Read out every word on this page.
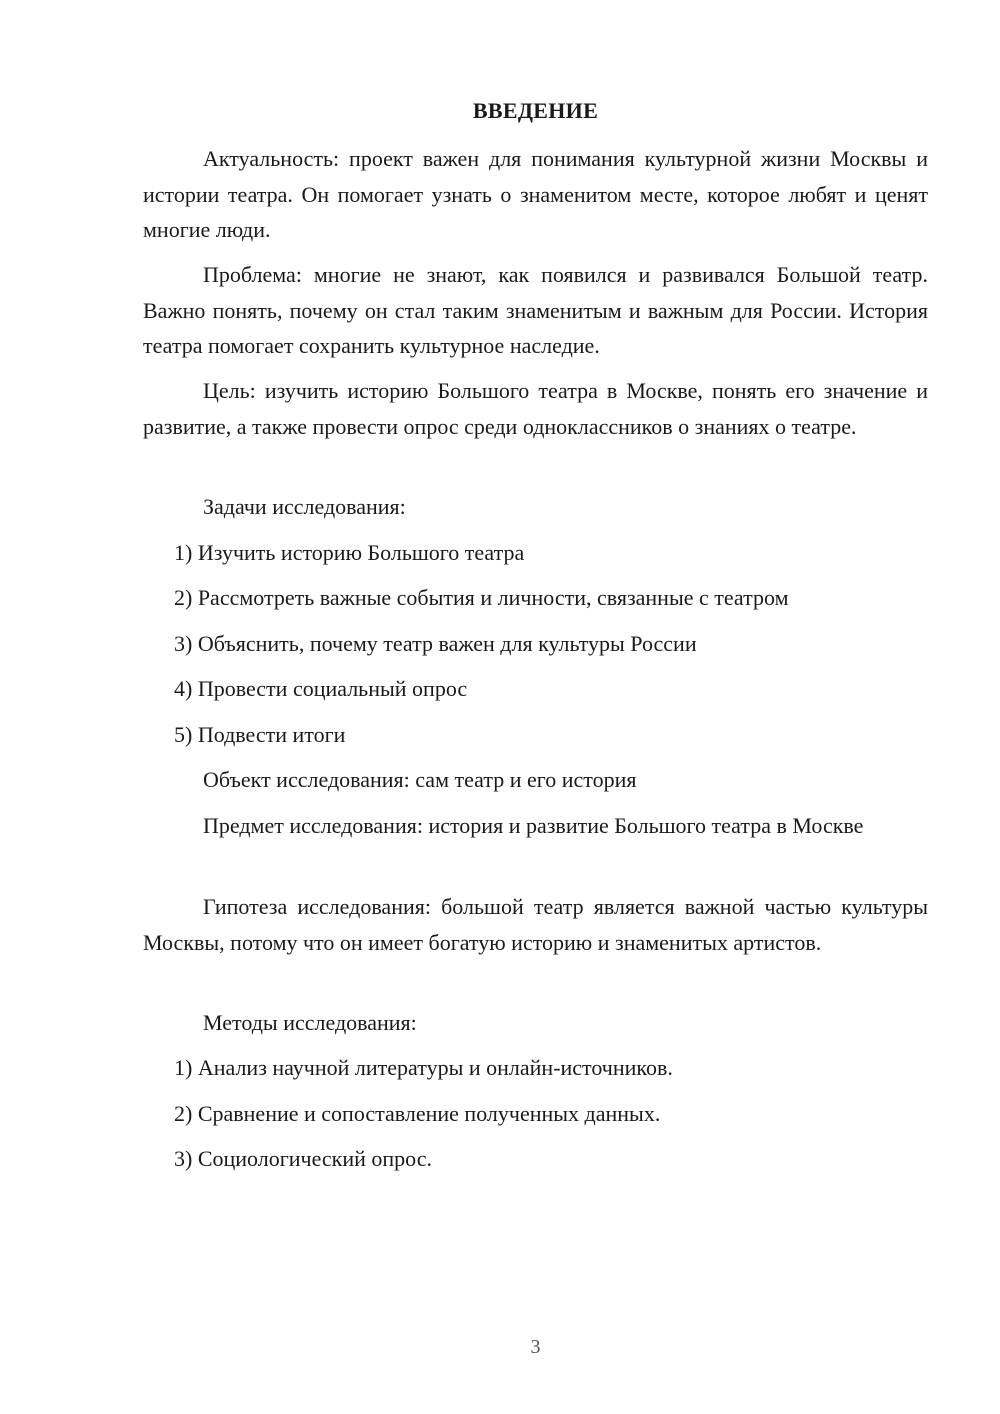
ВВЕДЕНИЕ
Актуальность: проект важен для понимания культурной жизни Москвы и истории театра. Он помогает узнать о знаменитом месте, которое любят и ценят многие люди.
Проблема: многие не знают, как появился и развивался Большой театр. Важно понять, почему он стал таким знаменитым и важным для России. История театра помогает сохранить культурное наследие.
Цель: изучить историю Большого театра в Москве, понять его значение и развитие, а также провести опрос среди одноклассников о знаниях о театре.
Задачи исследования:
1) Изучить историю Большого театра
2) Рассмотреть важные события и личности, связанные с театром
3) Объяснить, почему театр важен для культуры России
4) Провести социальный опрос
5) Подвести итоги
Объект исследования: сам театр и его история
Предмет исследования: история и развитие Большого театра в Москве
Гипотеза исследования: большой театр является важной частью культуры Москвы, потому что он имеет богатую историю и знаменитых артистов.
Методы исследования:
1) Анализ научной литературы и онлайн-источников.
2) Сравнение и сопоставление полученных данных.
3) Социологический опрос.
3
